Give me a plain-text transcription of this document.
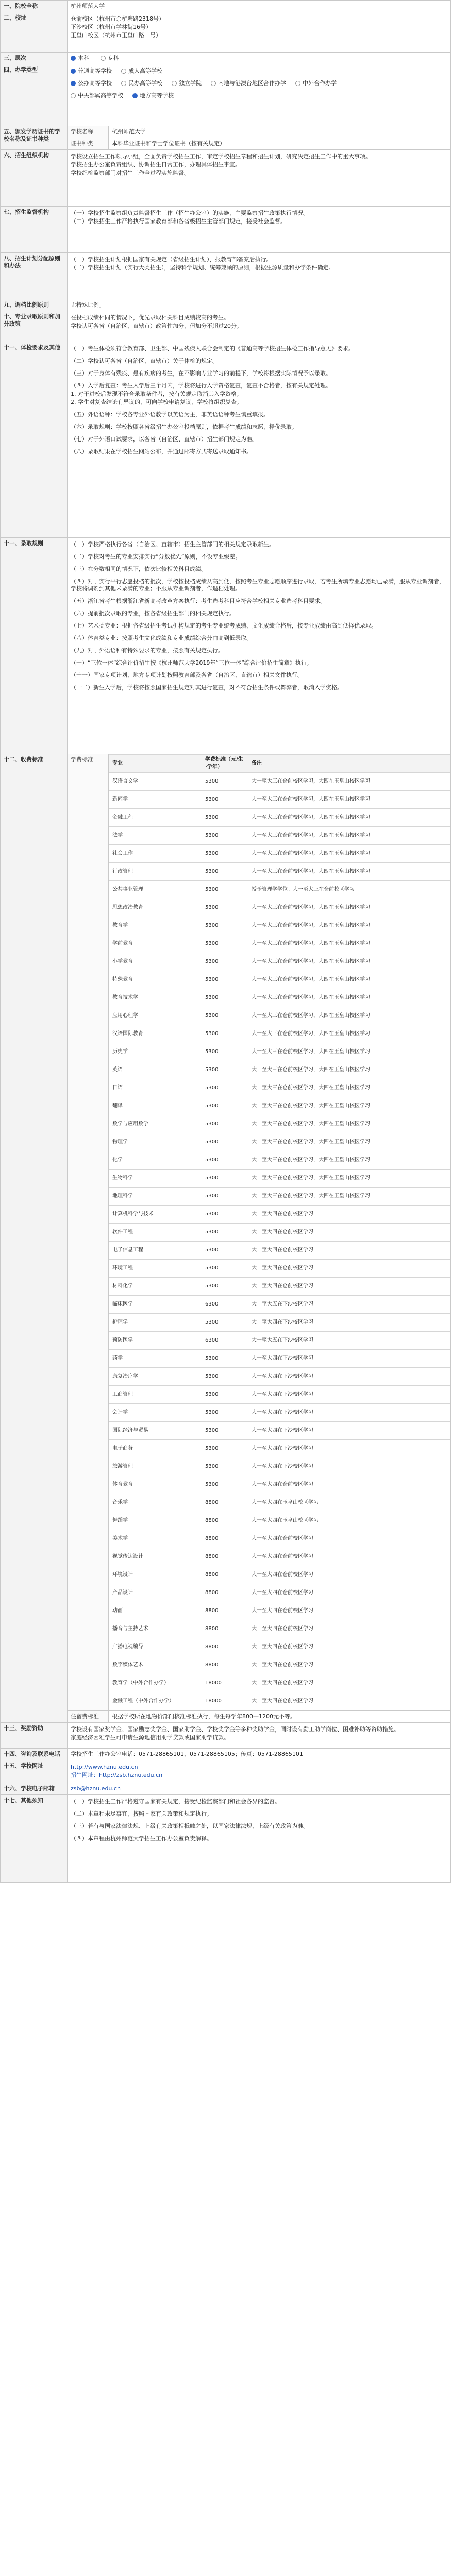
一、院校全称	杭州师范大学
二、校址	仓前校区（杭州市余杭塘路2318号）
下沙校区（杭州市学林街16号）
玉皇山校区（杭州市玉皇山路一号）

三、层次	本科	专科
四、办学类型	普通高等学校	成人高等学校
公办高等学校	民办高等学校	独立学院	内地与港澳台地区合作办学	中外合作办学
中央部属高等学校	地方高等学校

五、颁发学历证书的学校名称及证书种类	学校名称	杭州师范大学
证书种类	本科毕业证书和学士学位证书（按有关规定）
六、招生组织机构	学校设立招生工作领导小组，全面负责学校招生工作，审定学校招生章程和招生计划，研究决定招生工作中的重大事项。
学校招生办公室负责组织、协调招生日常工作，办理具体招生事宜。
学校纪检监察部门对招生工作全过程实施监督。

七、招生监督机构	（一）学校招生监察组负责监督招生工作（招生办公室）的实施，主要监察招生政策执行情况。
（二）学校招生工作严格执行国家教育部和各省级招生主管部门规定，接受社会监督。

八、招生计划分配原则和办法	
（一）学校招生计划根据国家有关规定（省级招生计划），报教育部备案后执行。
（二）学校招生计划（实行大类招生），坚持科学规划、统筹兼顾的原则，根据生源质量和办学条件确定。

九、调档比例原则	无特殊比例。
十、专业录取原则和加分政策	
在投档成绩相同的情况下，优先录取相关科目成绩较高的考生。
学校认可各省（自治区、直辖市）政策性加分，但加分不超过20分。

十一、体检要求及其他	（一）考生体检须符合教育部、卫生部、中国残疾人联合会制定的《普通高等学校招生体检工作指导意见》要求。
（二）学校认可各省（自治区、直辖市）关于体检的规定。
（三）对于身体有残疾、患有疾病的考生，在不影响专业学习的前提下，学校将根据实际情况予以录取。
（四）入学后复查：考生入学后三个月内，学校将进行入学资格复查，复查不合格者，按有关规定处理。
1. 对于进校后发现不符合录取条件者，按有关规定取消其入学资格；
2. 学生对复查结论有异议的，可向学校申请复议，学校将组织复查。
（五）外语语种：学校各专业外语教学以英语为主，非英语语种考生慎重填报。
（六）录取规则：学校按照各省级招生办公室投档原则，依据考生成绩和志愿，择优录取。
（七）对于外语口试要求，以各省（自治区、直辖市）招生部门规定为准。
（八）录取结果在学校招生网站公布，并通过邮寄方式寄送录取通知书。

十一、录取规则	（一）学校严格执行各省（自治区、直辖市）招生主管部门的相关规定录取新生。
（二）学校对考生的专业安排实行“分数优先”原则，不设专业级差。
（三）在分数相同的情况下，依次比较相关科目成绩。
（四）对于实行平行志愿投档的批次，学校按投档成绩从高到低，按照考生专业志愿顺序进行录取，若考生所填专业志愿均已录满，服从专业调剂者，学校将调剂到其他未录满的专业；不服从专业调剂者，作退档处理。
（五）浙江省考生根据浙江省新高考改革方案执行：考生选考科目应符合学校相关专业选考科目要求。
（六）提前批次录取的专业，按各省级招生部门的相关规定执行。
（七）艺术类专业：根据各省级招生考试机构规定的考生专业统考成绩、文化成绩合格后，按专业成绩由高到低择优录取。
（八）体育类专业：按照考生文化成绩和专业成绩综合分由高到低录取。
（九）对于外语语种有特殊要求的专业，按照有关规定执行。
（十）“三位一体”综合评价招生按《杭州师范大学2019年“三位一体”综合评价招生简章》执行。
（十一）国家专项计划、地方专项计划按照教育部及各省（自治区、直辖市）相关文件执行。
（十二）新生入学后，学校将按照国家招生规定对其进行复查，对不符合招生条件或舞弊者，取消入学资格。

十二、收费标准	学费标准	
专业	学费标准（元/生·学年）	备注
汉语言文学	5300	大一至大三在仓前校区学习，大四在玉皇山校区学习
新闻学	5300	大一至大三在仓前校区学习，大四在玉皇山校区学习
金融工程	5300	大一至大三在仓前校区学习，大四在玉皇山校区学习
法学	5300	大一至大三在仓前校区学习，大四在玉皇山校区学习
社会工作	5300	大一至大三在仓前校区学习，大四在玉皇山校区学习
行政管理	5300	大一至大三在仓前校区学习，大四在玉皇山校区学习
公共事业管理	5300	授予管理学学位。大一至大三在仓前校区学习
思想政治教育	5300	大一至大三在仓前校区学习，大四在玉皇山校区学习
教育学	5300	大一至大三在仓前校区学习，大四在玉皇山校区学习
学前教育	5300	大一至大三在仓前校区学习，大四在玉皇山校区学习
小学教育	5300	大一至大三在仓前校区学习，大四在玉皇山校区学习
特殊教育	5300	大一至大三在仓前校区学习，大四在玉皇山校区学习
教育技术学	5300	大一至大三在仓前校区学习，大四在玉皇山校区学习
应用心理学	5300	大一至大三在仓前校区学习，大四在玉皇山校区学习
汉语国际教育	5300	大一至大三在仓前校区学习，大四在玉皇山校区学习
历史学	5300	大一至大三在仓前校区学习，大四在玉皇山校区学习
英语	5300	大一至大三在仓前校区学习，大四在玉皇山校区学习
日语	5300	大一至大三在仓前校区学习，大四在玉皇山校区学习
翻译	5300	大一至大三在仓前校区学习，大四在玉皇山校区学习
数学与应用数学	5300	大一至大三在仓前校区学习，大四在玉皇山校区学习
物理学	5300	大一至大三在仓前校区学习，大四在玉皇山校区学习
化学	5300	大一至大三在仓前校区学习，大四在玉皇山校区学习
生物科学	5300	大一至大三在仓前校区学习，大四在玉皇山校区学习
地理科学	5300	大一至大三在仓前校区学习，大四在玉皇山校区学习
计算机科学与技术	5300	大一至大四在仓前校区学习
软件工程	5300	大一至大四在仓前校区学习
电子信息工程	5300	大一至大四在仓前校区学习
环境工程	5300	大一至大四在仓前校区学习
材料化学	5300	大一至大四在仓前校区学习
临床医学	6300	大一至大五在下沙校区学习
护理学	5300	大一至大四在下沙校区学习
预防医学	6300	大一至大五在下沙校区学习
药学	5300	大一至大四在下沙校区学习
康复治疗学	5300	大一至大四在下沙校区学习
工商管理	5300	大一至大四在下沙校区学习
会计学	5300	大一至大四在下沙校区学习
国际经济与贸易	5300	大一至大四在下沙校区学习
电子商务	5300	大一至大四在下沙校区学习
旅游管理	5300	大一至大四在下沙校区学习
体育教育	5300	大一至大四在仓前校区学习
音乐学	8800	大一至大四在玉皇山校区学习
舞蹈学	8800	大一至大四在玉皇山校区学习
美术学	8800	大一至大四在仓前校区学习
视觉传达设计	8800	大一至大四在仓前校区学习
环境设计	8800	大一至大四在仓前校区学习
产品设计	8800	大一至大四在仓前校区学习
动画	8800	大一至大四在仓前校区学习
播音与主持艺术	8800	大一至大四在仓前校区学习
广播电视编导	8800	大一至大四在仓前校区学习
数字媒体艺术	8800	大一至大四在仓前校区学习
教育学（中外合作办学）	18000	大一至大四在仓前校区学习
金融工程（中外合作办学）	18000	大一至大四在仓前校区学习

住宿费标准	根据学校所在地物价部门核准标准执行，每生每学年800—1200元不等。
十三、奖励资助	学校设有国家奖学金、国家励志奖学金、国家助学金、学校奖学金等多种奖助学金，同时设有勤工助学岗位、困难补助等资助措施。
家庭经济困难学生可申请生源地信用助学贷款或国家助学贷款。

十四、咨询及联系电话	学校招生工作办公室电话：0571-28865101、0571-28865105；传真：0571-28865101
十五、学校网址	http://www.hznu.edu.cn
招生网址：http://zsb.hznu.edu.cn

十六、学校电子邮箱	zsb@hznu.edu.cn
十七、其他须知	（一）学校招生工作严格遵守国家有关规定，接受纪检监察部门和社会各界的监督。
（二）本章程未尽事宜，按照国家有关政策和规定执行。
（三）若有与国家法律法规、上级有关政策相抵触之处，以国家法律法规、上级有关政策为准。
（四）本章程由杭州师范大学招生工作办公室负责解释。
